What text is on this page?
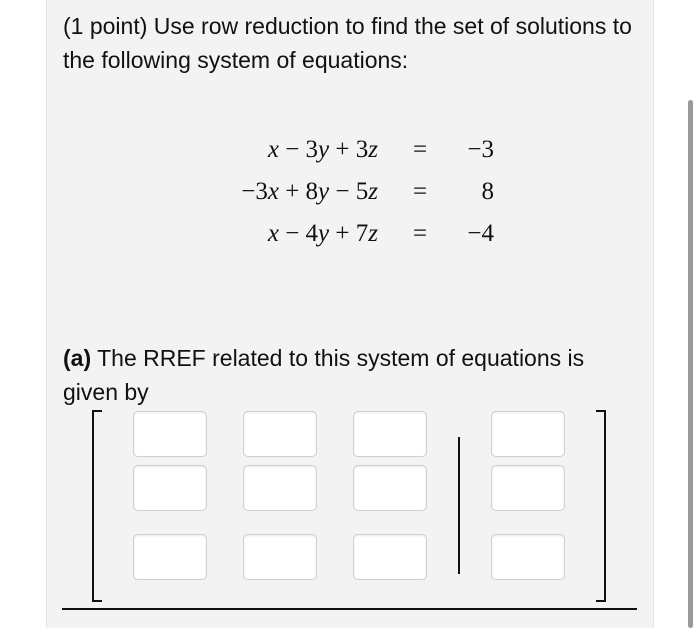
(1 point) Use row reduction to find the set of solutions to the following system of equations:
x − 3y + 3z = −3
−3x + 8y − 5z = 8
x − 4y + 7z = −4
(a) The RREF related to this system of equations is given by
